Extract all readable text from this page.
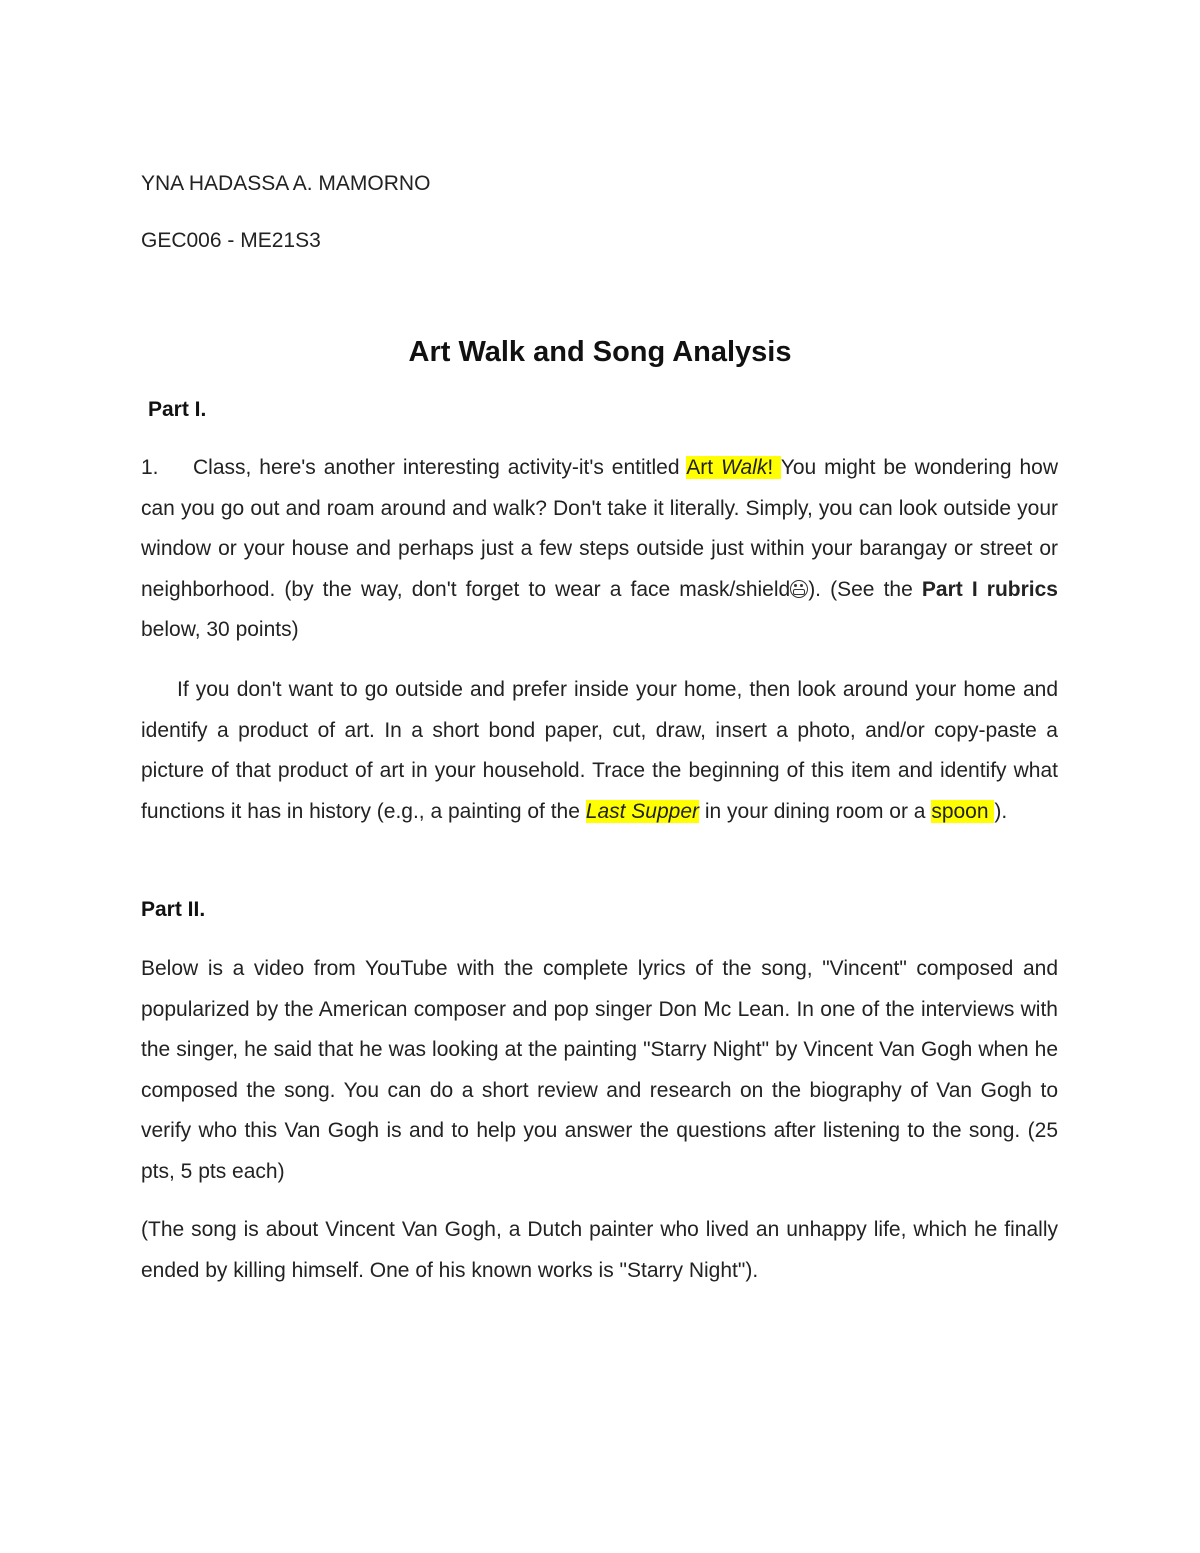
YNA HADASSA A. MAMORNO

GEC006 - ME21S3

Art Walk and Song Analysis
Part I.

1. Class, here's another interesting activity-it's entitled Art Walk! You might be wondering how can you go out and roam around and walk? Don't take it literally. Simply, you can look outside your window or your house and perhaps just a few steps outside just within your barangay or street or neighborhood. (by the way, don't forget to wear a face mask/shield ). (See the Part I rubrics below, 30 points)

If you don't want to go outside and prefer inside your home, then look around your home and identify a product of art. In a short bond paper, cut, draw, insert a photo, and/or copy-paste a picture of that product of art in your household. Trace the beginning of this item and identify what functions it has in history (e.g., a painting of the Last Supper in your dining room or a spoon ).

Part II.

Below is a video from YouTube with the complete lyrics of the song, "Vincent" composed and popularized by the American composer and pop singer Don Mc Lean. In one of the interviews with the singer, he said that he was looking at the painting "Starry Night" by Vincent Van Gogh when he composed the song. You can do a short review and research on the biography of Van Gogh to verify who this Van Gogh is and to help you answer the questions after listening to the song. (25 pts, 5 pts each)

(The song is about Vincent Van Gogh, a Dutch painter who lived an unhappy life, which he finally ended by killing himself. One of his known works is "Starry Night").
